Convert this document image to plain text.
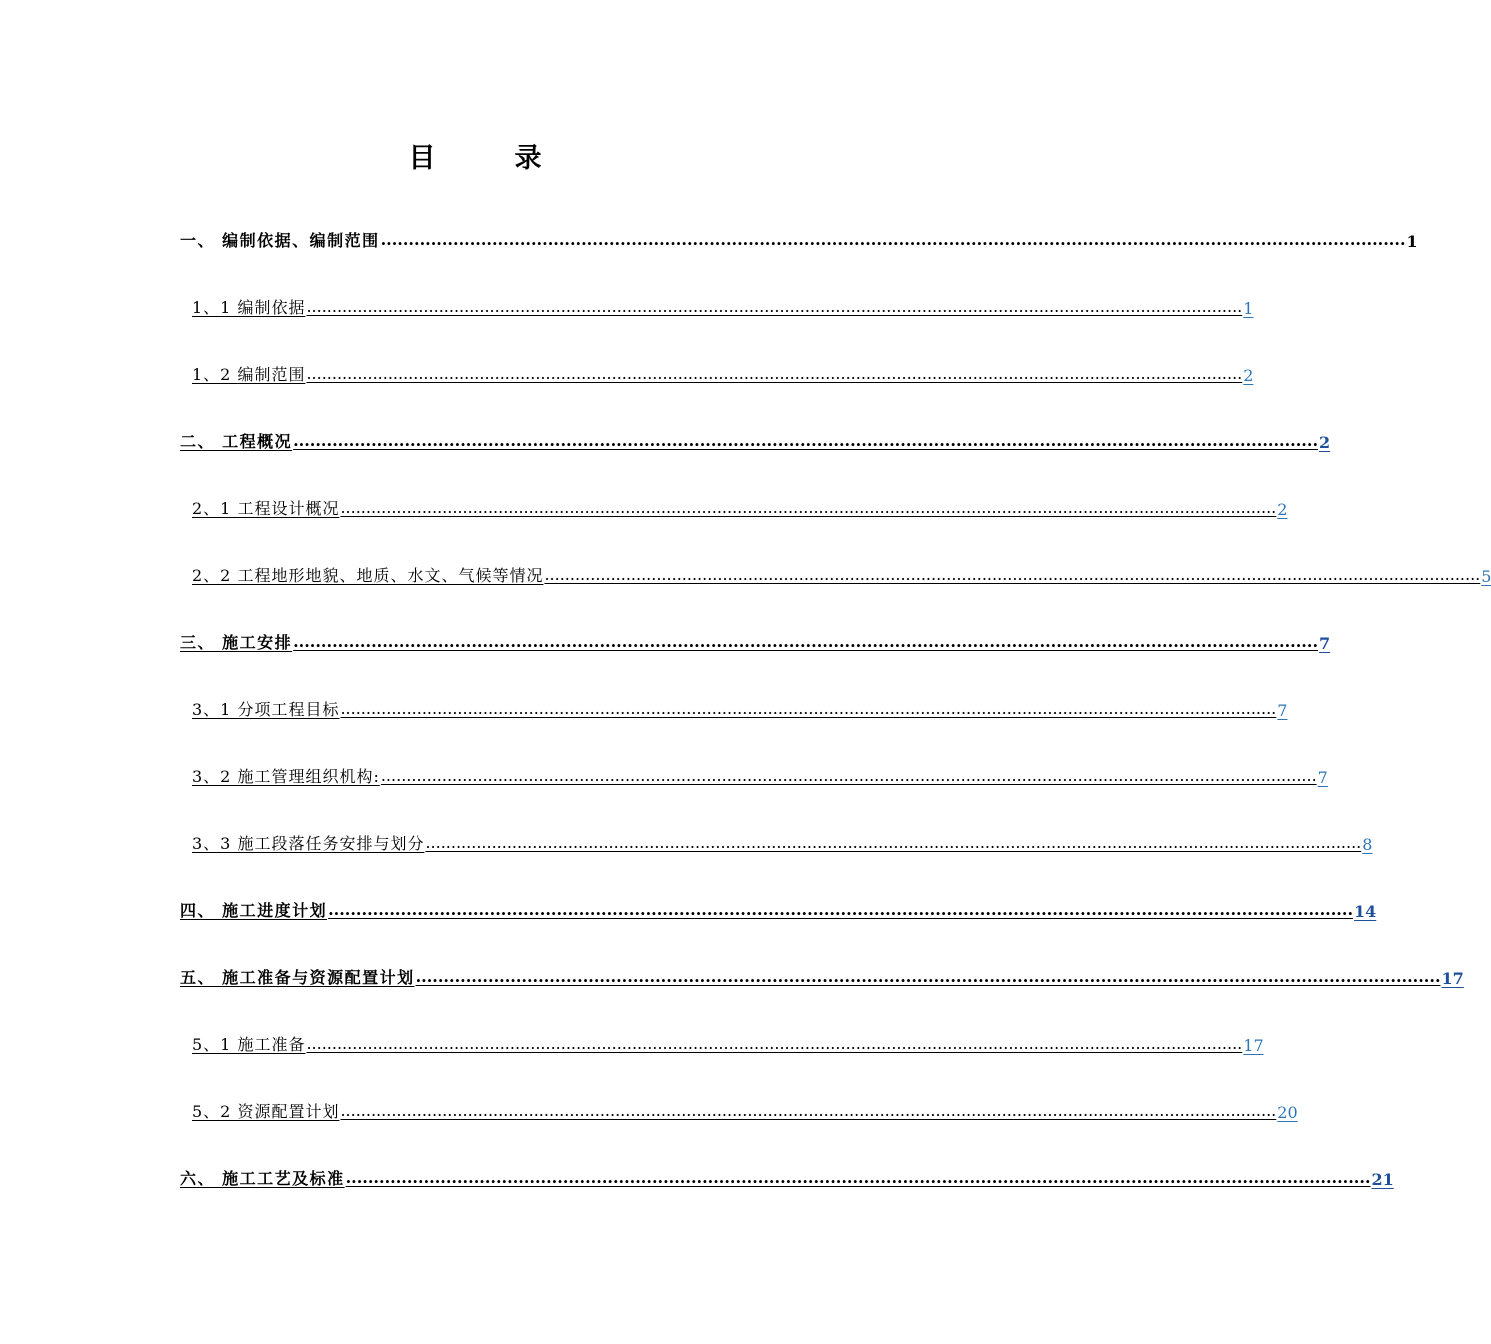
目　录
一、 编制依据、编制范围 ........................................................................................................................................................................................ 1
1、1 编制依据 ........................................................................................................................................................................................ 1
1、2 编制范围 ........................................................................................................................................................................................ 2
二、 工程概况 ........................................................................................................................................................................................ 2
2、1 工程设计概况 ........................................................................................................................................................................................ 2
2、2 工程地形地貌、地质、水文、气候等情况 ........................................................................................................................................................................................ 5
三、 施工安排 ........................................................................................................................................................................................ 7
3、1 分项工程目标 ........................................................................................................................................................................................ 7
3、2 施工管理组织机构: ........................................................................................................................................................................................ 7
3、3 施工段落任务安排与划分 ........................................................................................................................................................................................ 8
四、 施工进度计划 ........................................................................................................................................................................................ 14
五、 施工准备与资源配置计划 ........................................................................................................................................................................................ 17
5、1 施工准备 ........................................................................................................................................................................................ 17
5、2 资源配置计划 ........................................................................................................................................................................................ 20
六、 施工工艺及标准 ........................................................................................................................................................................................ 21
